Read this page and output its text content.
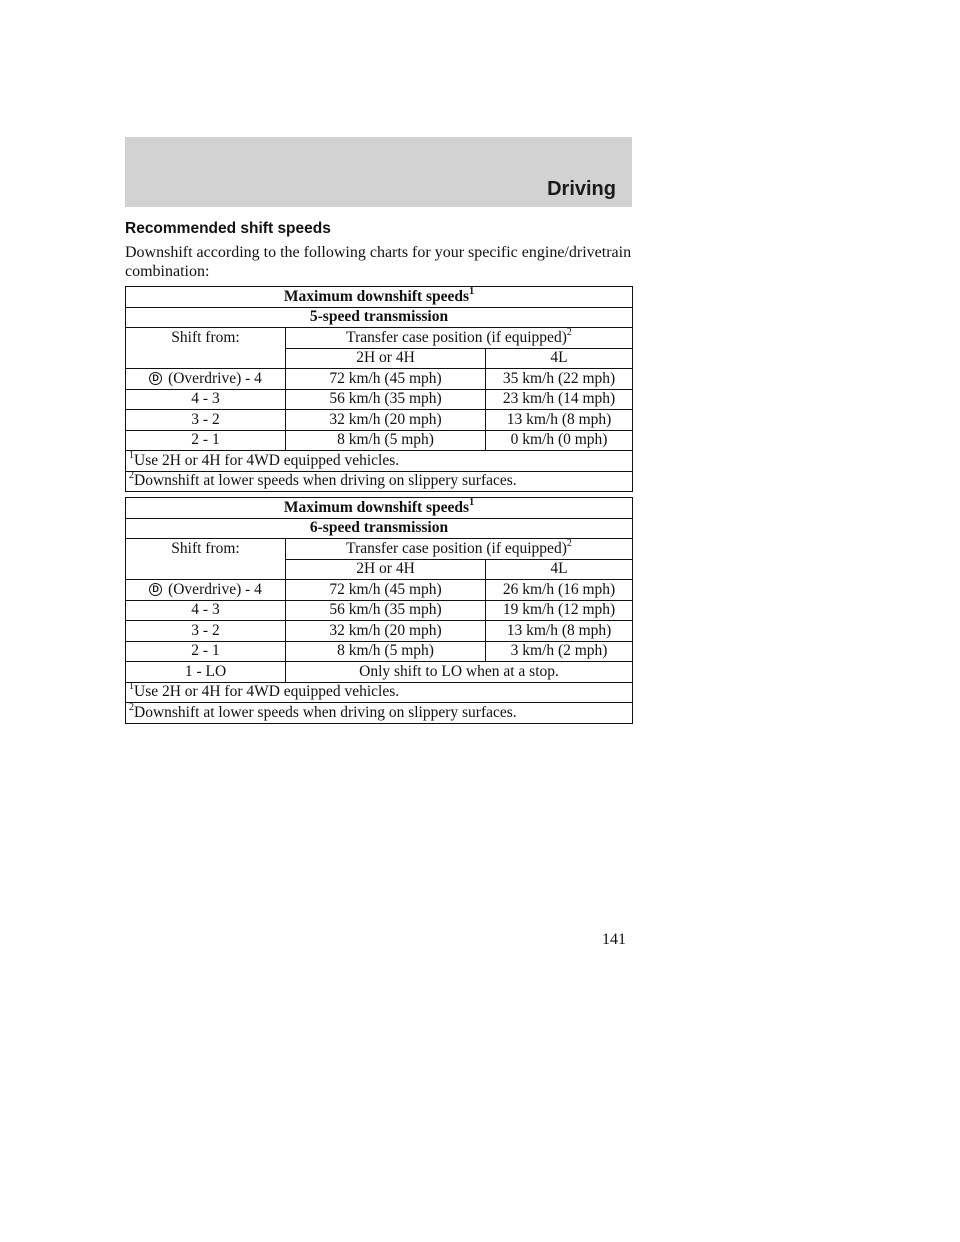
Driving
Recommended shift speeds
Downshift according to the following charts for your specific engine/drivetrain combination:
Maximum downshift speeds$^1$
5-speed transmission		
Shift from:	Transfer case position (if equipped)$^2$
	2H or 4H	4L
D (Overdrive) - 4	72 km/h (45 mph)	35 km/h (22 mph)
4 - 3	56 km/h (35 mph)	23 km/h (14 mph)
3 - 2	32 km/h (20 mph)	13 km/h (8 mph)
2 - 1	8 km/h (5 mph)	0 km/h (0 mph)
$^1$Use 2H or 4H for 4WD equipped vehicles.		
$^2$Downshift at lower speeds when driving on slippery surfaces.		
Maximum downshift speeds$^1$
6-speed transmission		
Shift from:	Transfer case position (if equipped)$^2$
	2H or 4H	4L
D (Overdrive) - 4	72 km/h (45 mph)	26 km/h (16 mph)
4 - 3	56 km/h (35 mph)	19 km/h (12 mph)
3 - 2	32 km/h (20 mph)	13 km/h (8 mph)
2 - 1	8 km/h (5 mph)	3 km/h (2 mph)
1 - LO	Only shift to LO when at a stop.	
$^1$Use 2H or 4H for 4WD equipped vehicles.		
$^2$Downshift at lower speeds when driving on slippery surfaces.		
141
